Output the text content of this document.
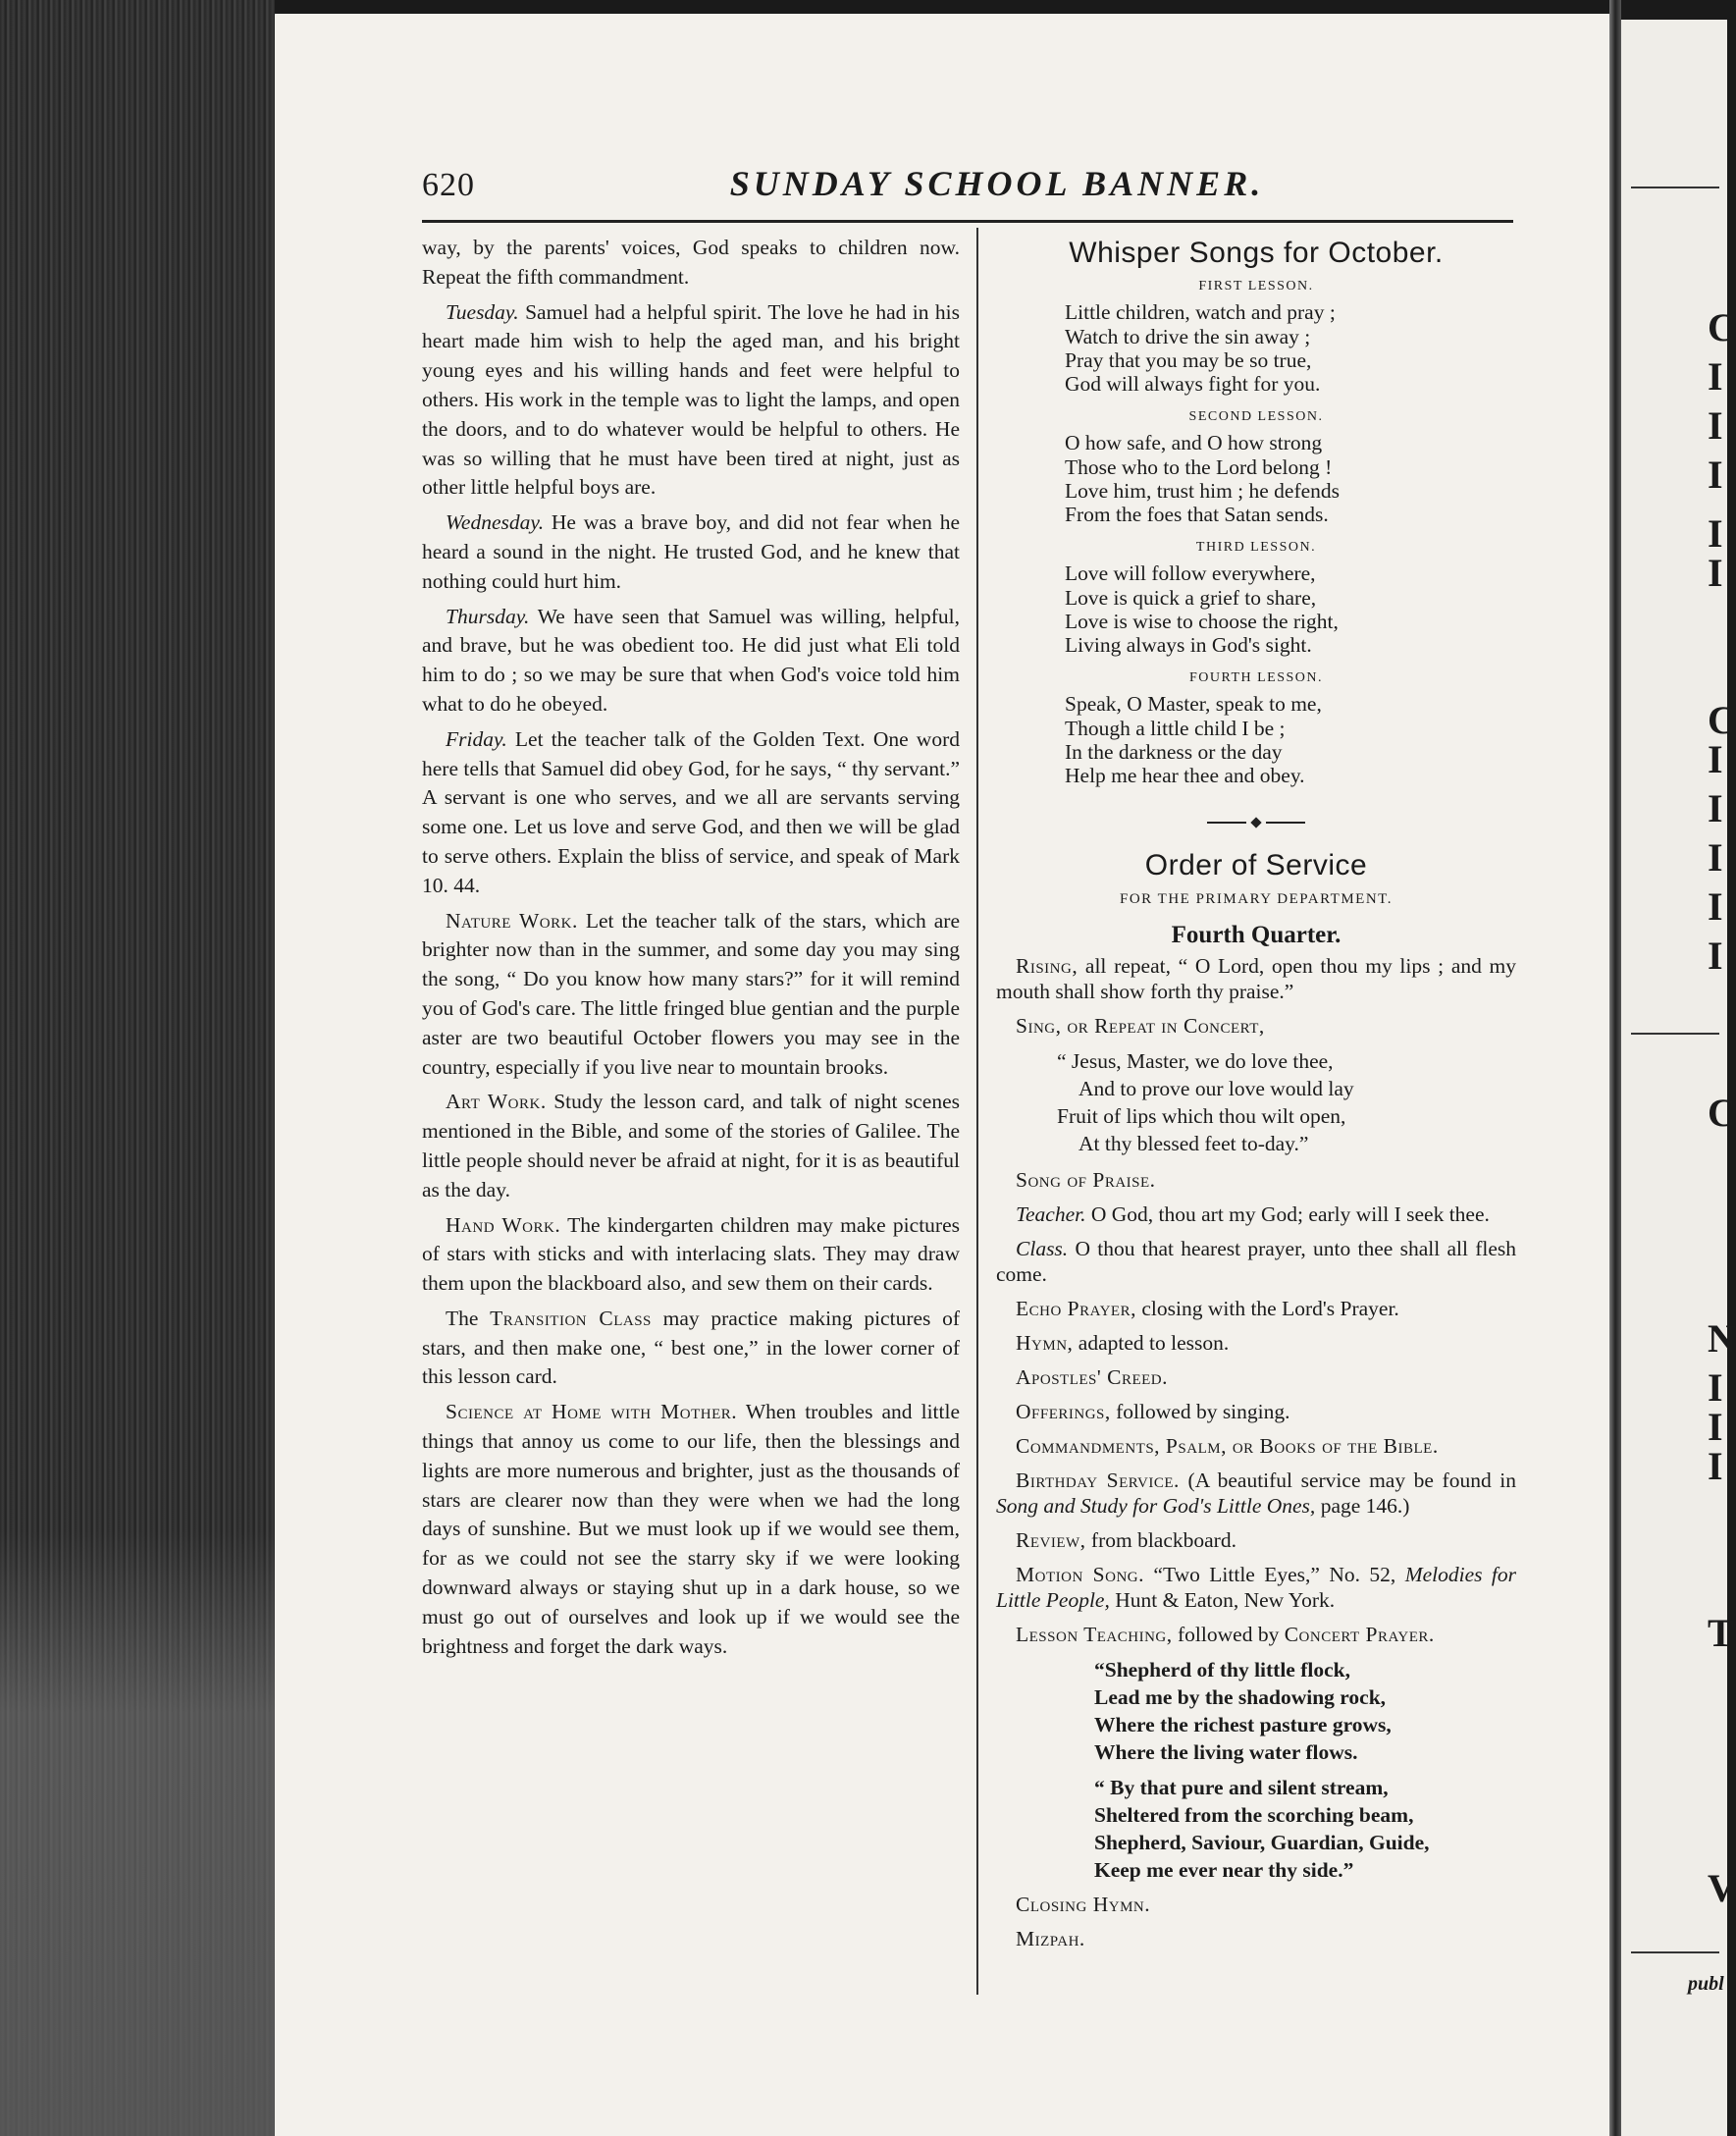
620	SUNDAY SCHOOL BANNER.

way, by the parents' voices, God speaks to children now. Repeat the fifth commandment.

Tuesday. Samuel had a helpful spirit. The love he had in his heart made him wish to help the aged man, and his bright young eyes and his willing hands and feet were helpful to others. His work in the temple was to light the lamps, and open the doors, and to do whatever would be helpful to others. He was so willing that he must have been tired at night, just as other little helpful boys are.

Wednesday. He was a brave boy, and did not fear when he heard a sound in the night. He trusted God, and he knew that nothing could hurt him.

Thursday. We have seen that Samuel was willing, helpful, and brave, but he was obedient too. He did just what Eli told him to do ; so we may be sure that when God's voice told him what to do he obeyed.

Friday. Let the teacher talk of the Golden Text. One word here tells that Samuel did obey God, for he says, “ thy servant.” A servant is one who serves, and we all are servants serving some one. Let us love and serve God, and then we will be glad to serve others. Explain the bliss of service, and speak of Mark 10. 44.

Nature Work. Let the teacher talk of the stars, which are brighter now than in the summer, and some day you may sing the song, “ Do you know how many stars?” for it will remind you of God's care. The little fringed blue gentian and the purple aster are two beautiful October flowers you may see in the country, especially if you live near to mountain brooks.

Art Work. Study the lesson card, and talk of night scenes mentioned in the Bible, and some of the stories of Galilee. The little people should never be afraid at night, for it is as beautiful as the day.

Hand Work. The kindergarten children may make pictures of stars with sticks and with interlacing slats. They may draw them upon the blackboard also, and sew them on their cards.

The Transition Class may practice making pictures of stars, and then make one, “ best one,” in the lower corner of this lesson card.

Science at Home with Mother. When troubles and little things that annoy us come to our life, then the blessings and lights are more numerous and brighter, just as the thousands of stars are clearer now than they were when we had the long days of sunshine. But we must look up if we would see them, for as we could not see the starry sky if we were looking downward always or staying shut up in a dark house, so we must go out of ourselves and look up if we would see the brightness and forget the dark ways.

Whisper Songs for October.
FIRST LESSON.
Little children, watch and pray ;
Watch to drive the sin away ;
Pray that you may be so true,
God will always fight for you.
SECOND LESSON.
O how safe, and O how strong
Those who to the Lord belong !
Love him, trust him ; he defends
From the foes that Satan sends.
THIRD LESSON.
Love will follow everywhere,
Love is quick a grief to share,
Love is wise to choose the right,
Living always in God's sight.
FOURTH LESSON.
Speak, O Master, speak to me,
Though a little child I be ;
In the darkness or the day
Help me hear thee and obey.
Order of Service
FOR THE PRIMARY DEPARTMENT.
Fourth Quarter.
Rising, all repeat, “ O Lord, open thou my lips ; and my mouth shall show forth thy praise.”
Sing, or Repeat in Concert,
“ Jesus, Master, we do love thee,
And to prove our love would lay
Fruit of lips which thou wilt open,
At thy blessed feet to-day.”
Song of Praise.
Teacher. O God, thou art my God; early will I seek thee.
Class. O thou that hearest prayer, unto thee shall all flesh come.
Echo Prayer, closing with the Lord's Prayer.
Hymn, adapted to lesson.
Apostles' Creed.
Offerings, followed by singing.
Commandments, Psalm, or Books of the Bible.
Birthday Service. (A beautiful service may be found in Song and Study for God's Little Ones, page 146.)
Review, from blackboard.
Motion Song. “Two Little Eyes,” No. 52, Melodies for Little People, Hunt & Eaton, New York.
Lesson Teaching, followed by Concert Prayer.
“Shepherd of thy little flock,
Lead me by the shadowing rock,
Where the richest pasture grows,
Where the living water flows.
“ By that pure and silent stream,
Sheltered from the scorching beam,
Shepherd, Saviour, Guardian, Guide,
Keep me ever near thy side.”
Closing Hymn.
Mizpah.
C
I
I
I
I
I
C
I
I
I
I
I
C
N
I
I
I
T
V
publ
